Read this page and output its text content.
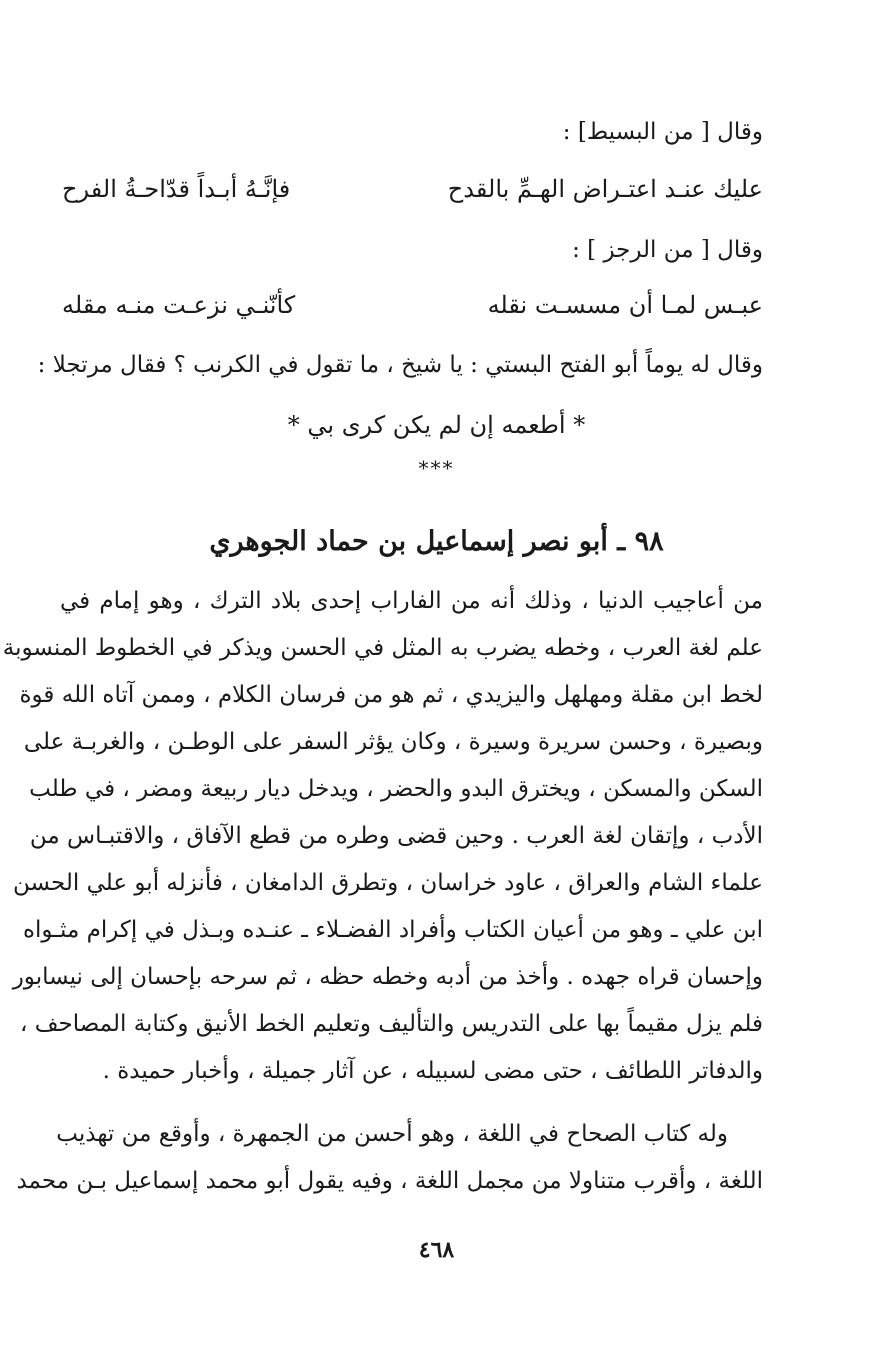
وقال [ من البسيط] :
عليك عنـد اعتـراض الهـمِّ بالقدح
فإنَّـهُ أبـداً قدّاحـةُ الفرح
وقال [ من الرجز ] :
عبـس لمـا أن مسسـت نقله
كأنّنـي نزعـت منـه مقله
وقال له يوماً أبو الفتح البستي : يا شيخ ، ما تقول في الكرنب ؟ فقال مرتجلا :
* أطعمه إن لم يكن كرى بي *
***
٩٨ ـ أبو نصر إسماعيل بن حماد الجوهري
من أعاجيب الدنيا ، وذلك أنه من الفاراب إحدى بلاد الترك ، وهو إمام في
علم لغة العرب ، وخطه يضرب به المثل في الحسن ويذكر في الخطوط المنسوبة
لخط ابن مقلة ومهلهل واليزيدي ، ثم هو من فرسان الكلام ، وممن آتاه الله قوة
وبصيرة ، وحسن سريرة وسيرة ، وكان يؤثر السفر على الوطـن ، والغربـة على
السكن والمسكن ، ويخترق البدو والحضر ، ويدخل ديار ربيعة ومضر ، في طلب
الأدب ، وإتقان لغة العرب . وحين قضى وطره من قطع الآفاق ، والاقتبـاس من
علماء الشام والعراق ، عاود خراسان ، وتطرق الدامغان ، فأنزله أبو علي الحسن
ابن علي ـ وهو من أعيان الكتاب وأفراد الفضـلاء ـ عنـده وبـذل في إكرام مثـواه
وإحسان قراه جهده . وأخذ من أدبه وخطه حظه ، ثم سرحه بإحسان إلى نيسابور
فلم يزل مقيماً بها على التدريس والتأليف وتعليم الخط الأنيق وكتابة المصاحف ،
والدفاتر اللطائف ، حتى مضى لسبيله ، عن آثار جميلة ، وأخبار حميدة .
وله كتاب الصحاح في اللغة ، وهو أحسن من الجمهرة ، وأوقع من تهذيب
اللغة ، وأقرب متناولا من مجمل اللغة ، وفيه يقول أبو محمد إسماعيل بـن محمد
٤٦٨
